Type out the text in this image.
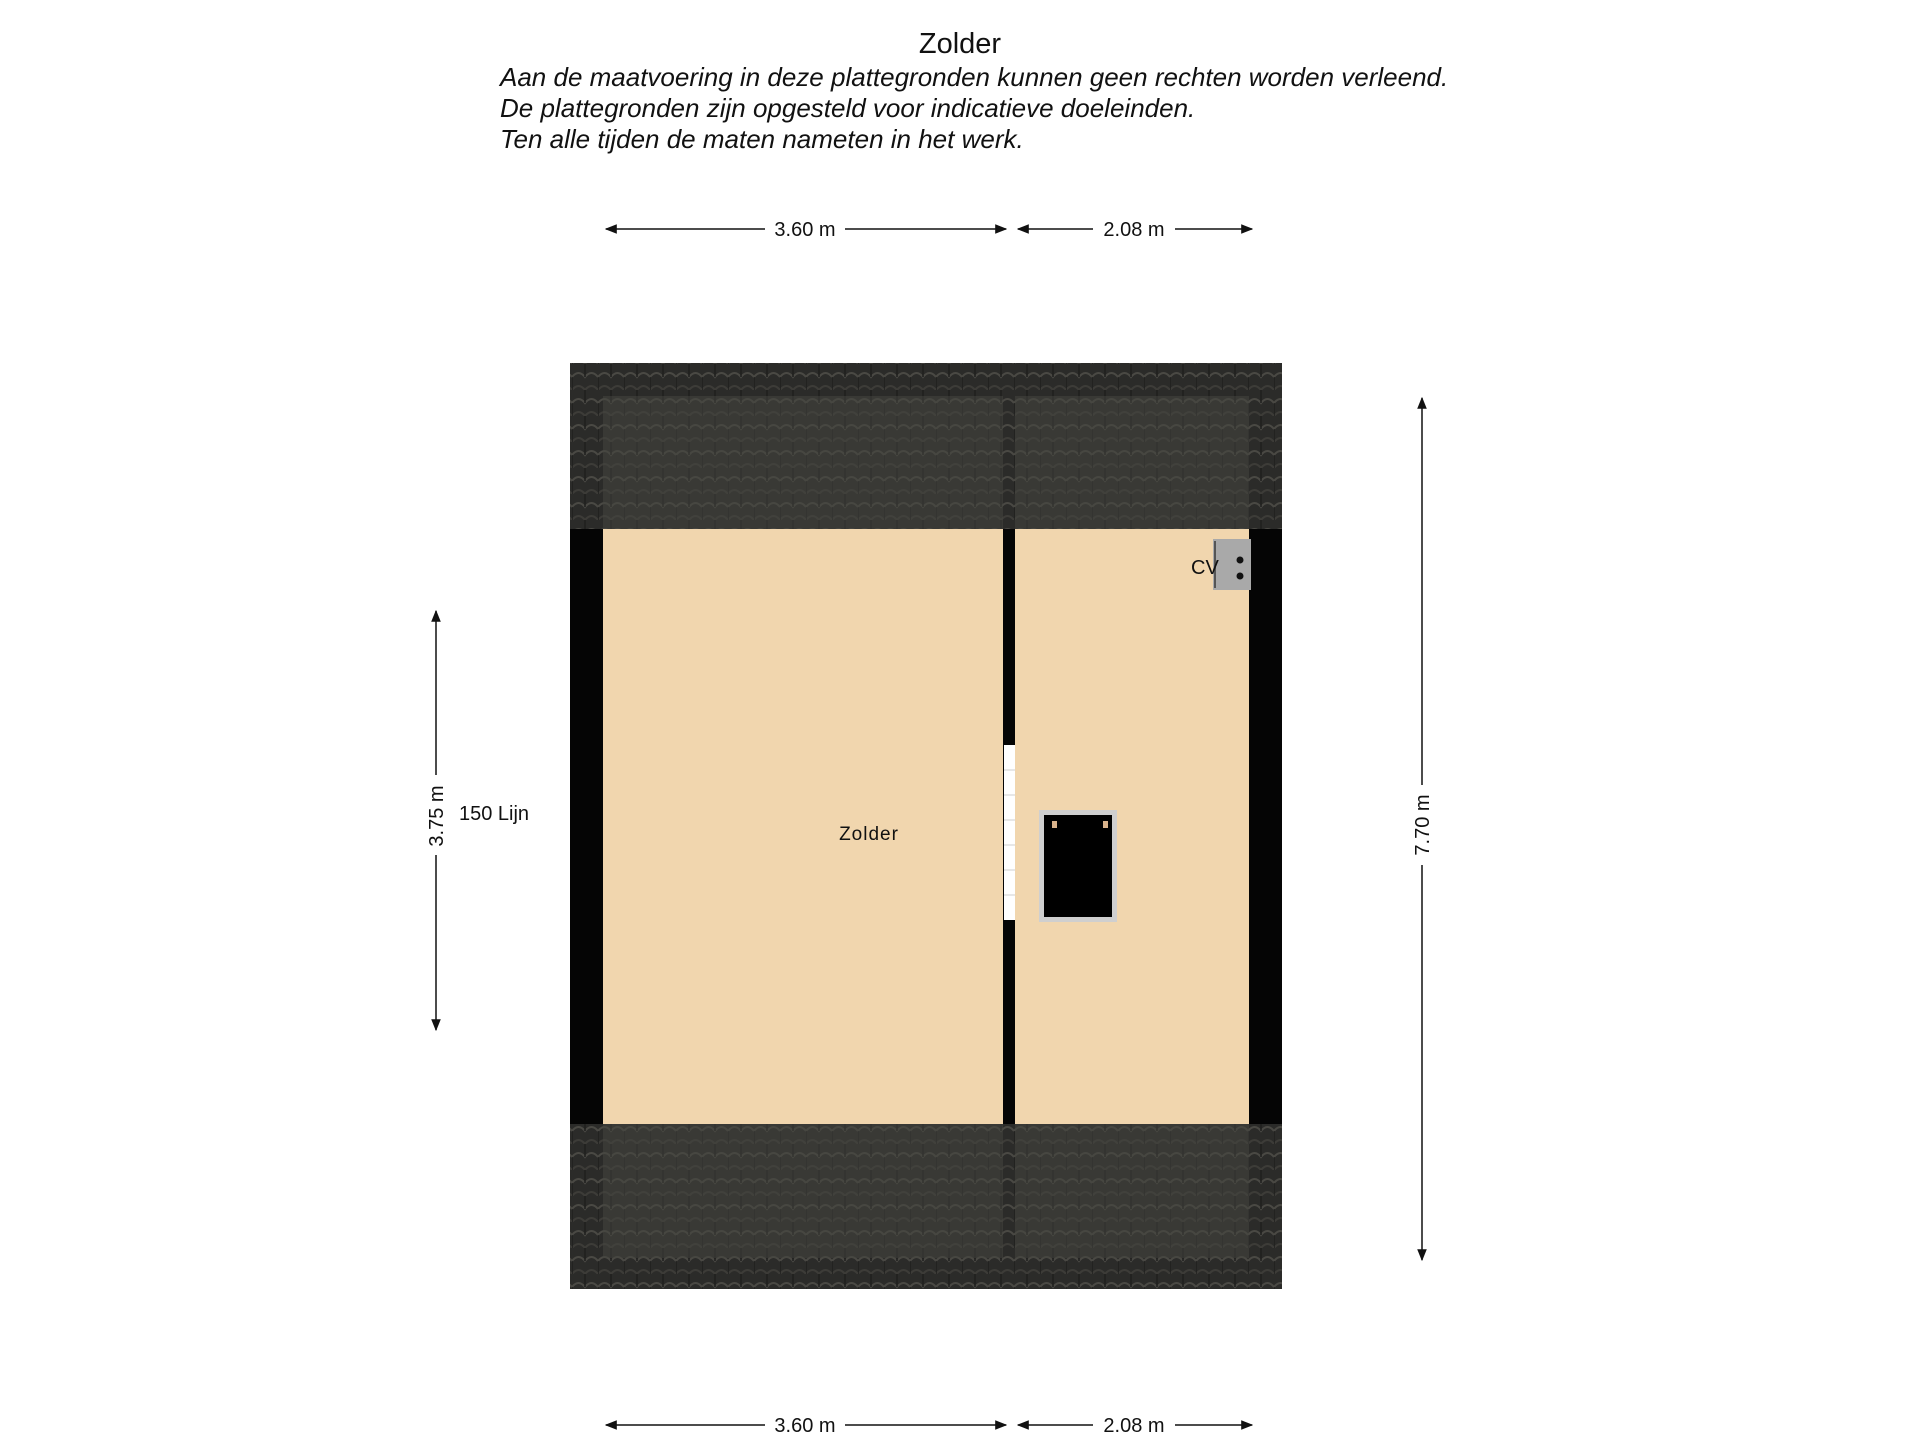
Zolder
Aan de maatvoering in deze plattegronden kunnen geen rechten worden verleend.
De plattegronden zijn opgesteld voor indicatieve doeleinden.
Ten alle tijden de maten nameten in het werk.
CV
Zolder
3.60 m	2.08 m
3.60 m	2.08 m
3.75 m	7.70 m
150 Lijn
